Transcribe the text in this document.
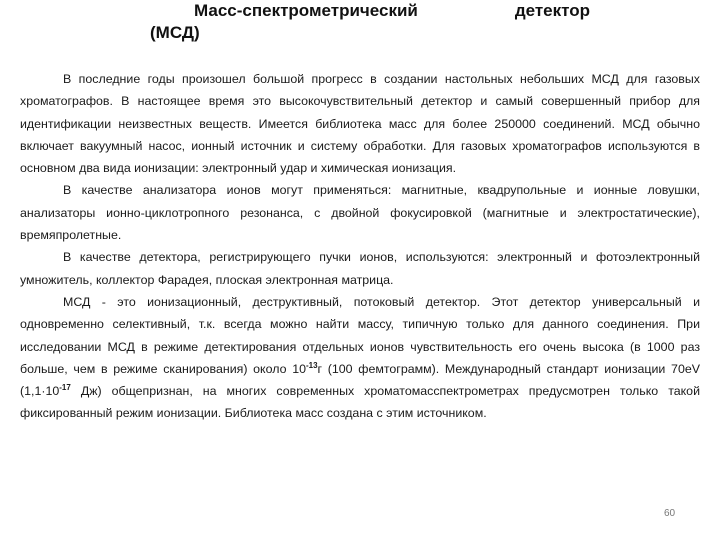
Масс-спектрометрический	детектор
(МСД)

В последние годы произошел большой прогресс в создании настольных небольших МСД для газовых хроматографов. В настоящее время это высокочувствительный детектор и самый совершенный прибор для идентификации неизвестных веществ. Имеется библиотека масс для более 250000 соединений. МСД обычно включает вакуумный насос, ионный источник и систему обработки. Для газовых хроматографов используются в основном два вида ионизации: электронный удар и химическая ионизация.

В качестве анализатора ионов могут применяться: магнитные, квадрупольные и ионные ловушки, анализаторы ионно-циклотропного резонанса, с двойной фокусировкой (магнитные и электростатические), времяпролетные.

В качестве детектора, регистрирующего пучки ионов, используются: электронный и фотоэлектронный умножитель, коллектор Фарадея, плоская электронная матрица.

МСД - это ионизационный, деструктивный, потоковый детектор. Этот детектор универсальный и одновременно селективный, т.к. всегда можно найти массу, типичную только для данного соединения. При исследовании МСД в режиме детектирования отдельных ионов чувствительность его очень высока (в 1000 раз больше, чем в режиме сканирования) около $10^{-13}г$ (100 фемтограмм). Международный стандарт ионизации 70eV ($1,1\cdot 10^{-17}$ Дж) общепризнан, на многих современных хроматомасспектрометрах предусмотрен только такой фиксированный режим ионизации. Библиотека масс создана с этим источником.

60
